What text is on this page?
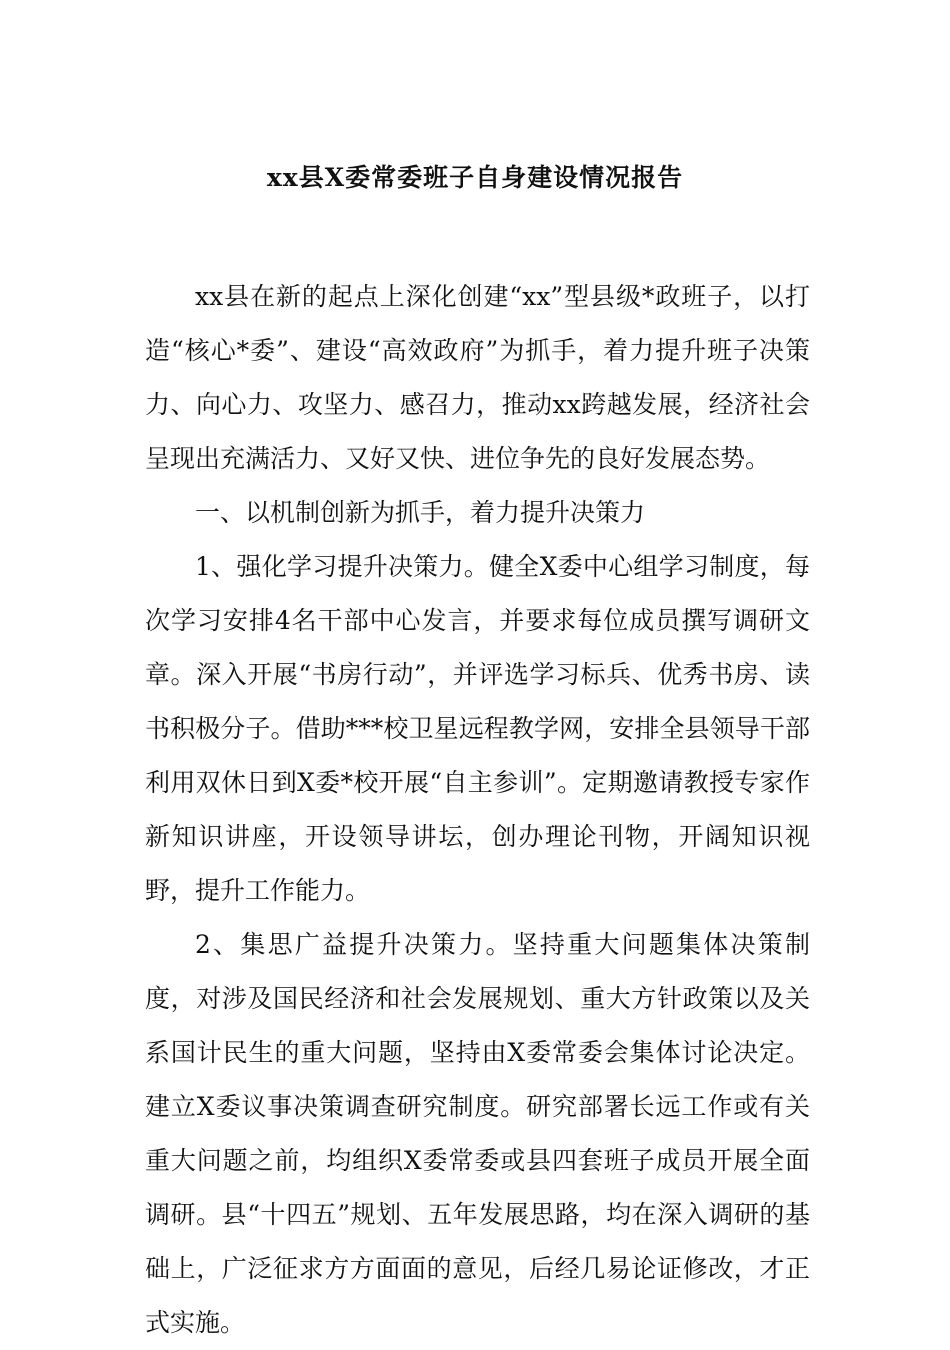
xx县X委常委班子自身建设情况报告

xx县在新的起点上深化创建“xx”型县级*政班子，以打造“核心*委”、建设“高效政府”为抓手，着力提升班子决策力、向心力、攻坚力、感召力，推动xx跨越发展，经济社会呈现出充满活力、又好又快、进位争先的良好发展态势。

一、以机制创新为抓手，着力提升决策力

1、强化学习提升决策力。健全X委中心组学习制度，每次学习安排4名干部中心发言，并要求每位成员撰写调研文章。深入开展“书房行动”，并评选学习标兵、优秀书房、读书积极分子。借助***校卫星远程教学网，安排全县领导干部利用双休日到X委*校开展“自主参训”。定期邀请教授专家作新知识讲座，开设领导讲坛，创办理论刊物，开阔知识视野，提升工作能力。

2、集思广益提升决策力。坚持重大问题集体决策制度，对涉及国民经济和社会发展规划、重大方针政策以及关系国计民生的重大问题，坚持由X委常委会集体讨论决定。建立X委议事决策调查研究制度。研究部署长远工作或有关重大问题之前，均组织X委常委或县四套班子成员开展全面调研。县“十四五”规划、五年发展思路，均在深入调研的基础上，广泛征求方方面面的意见，后经几易论证修改，才正式实施。
